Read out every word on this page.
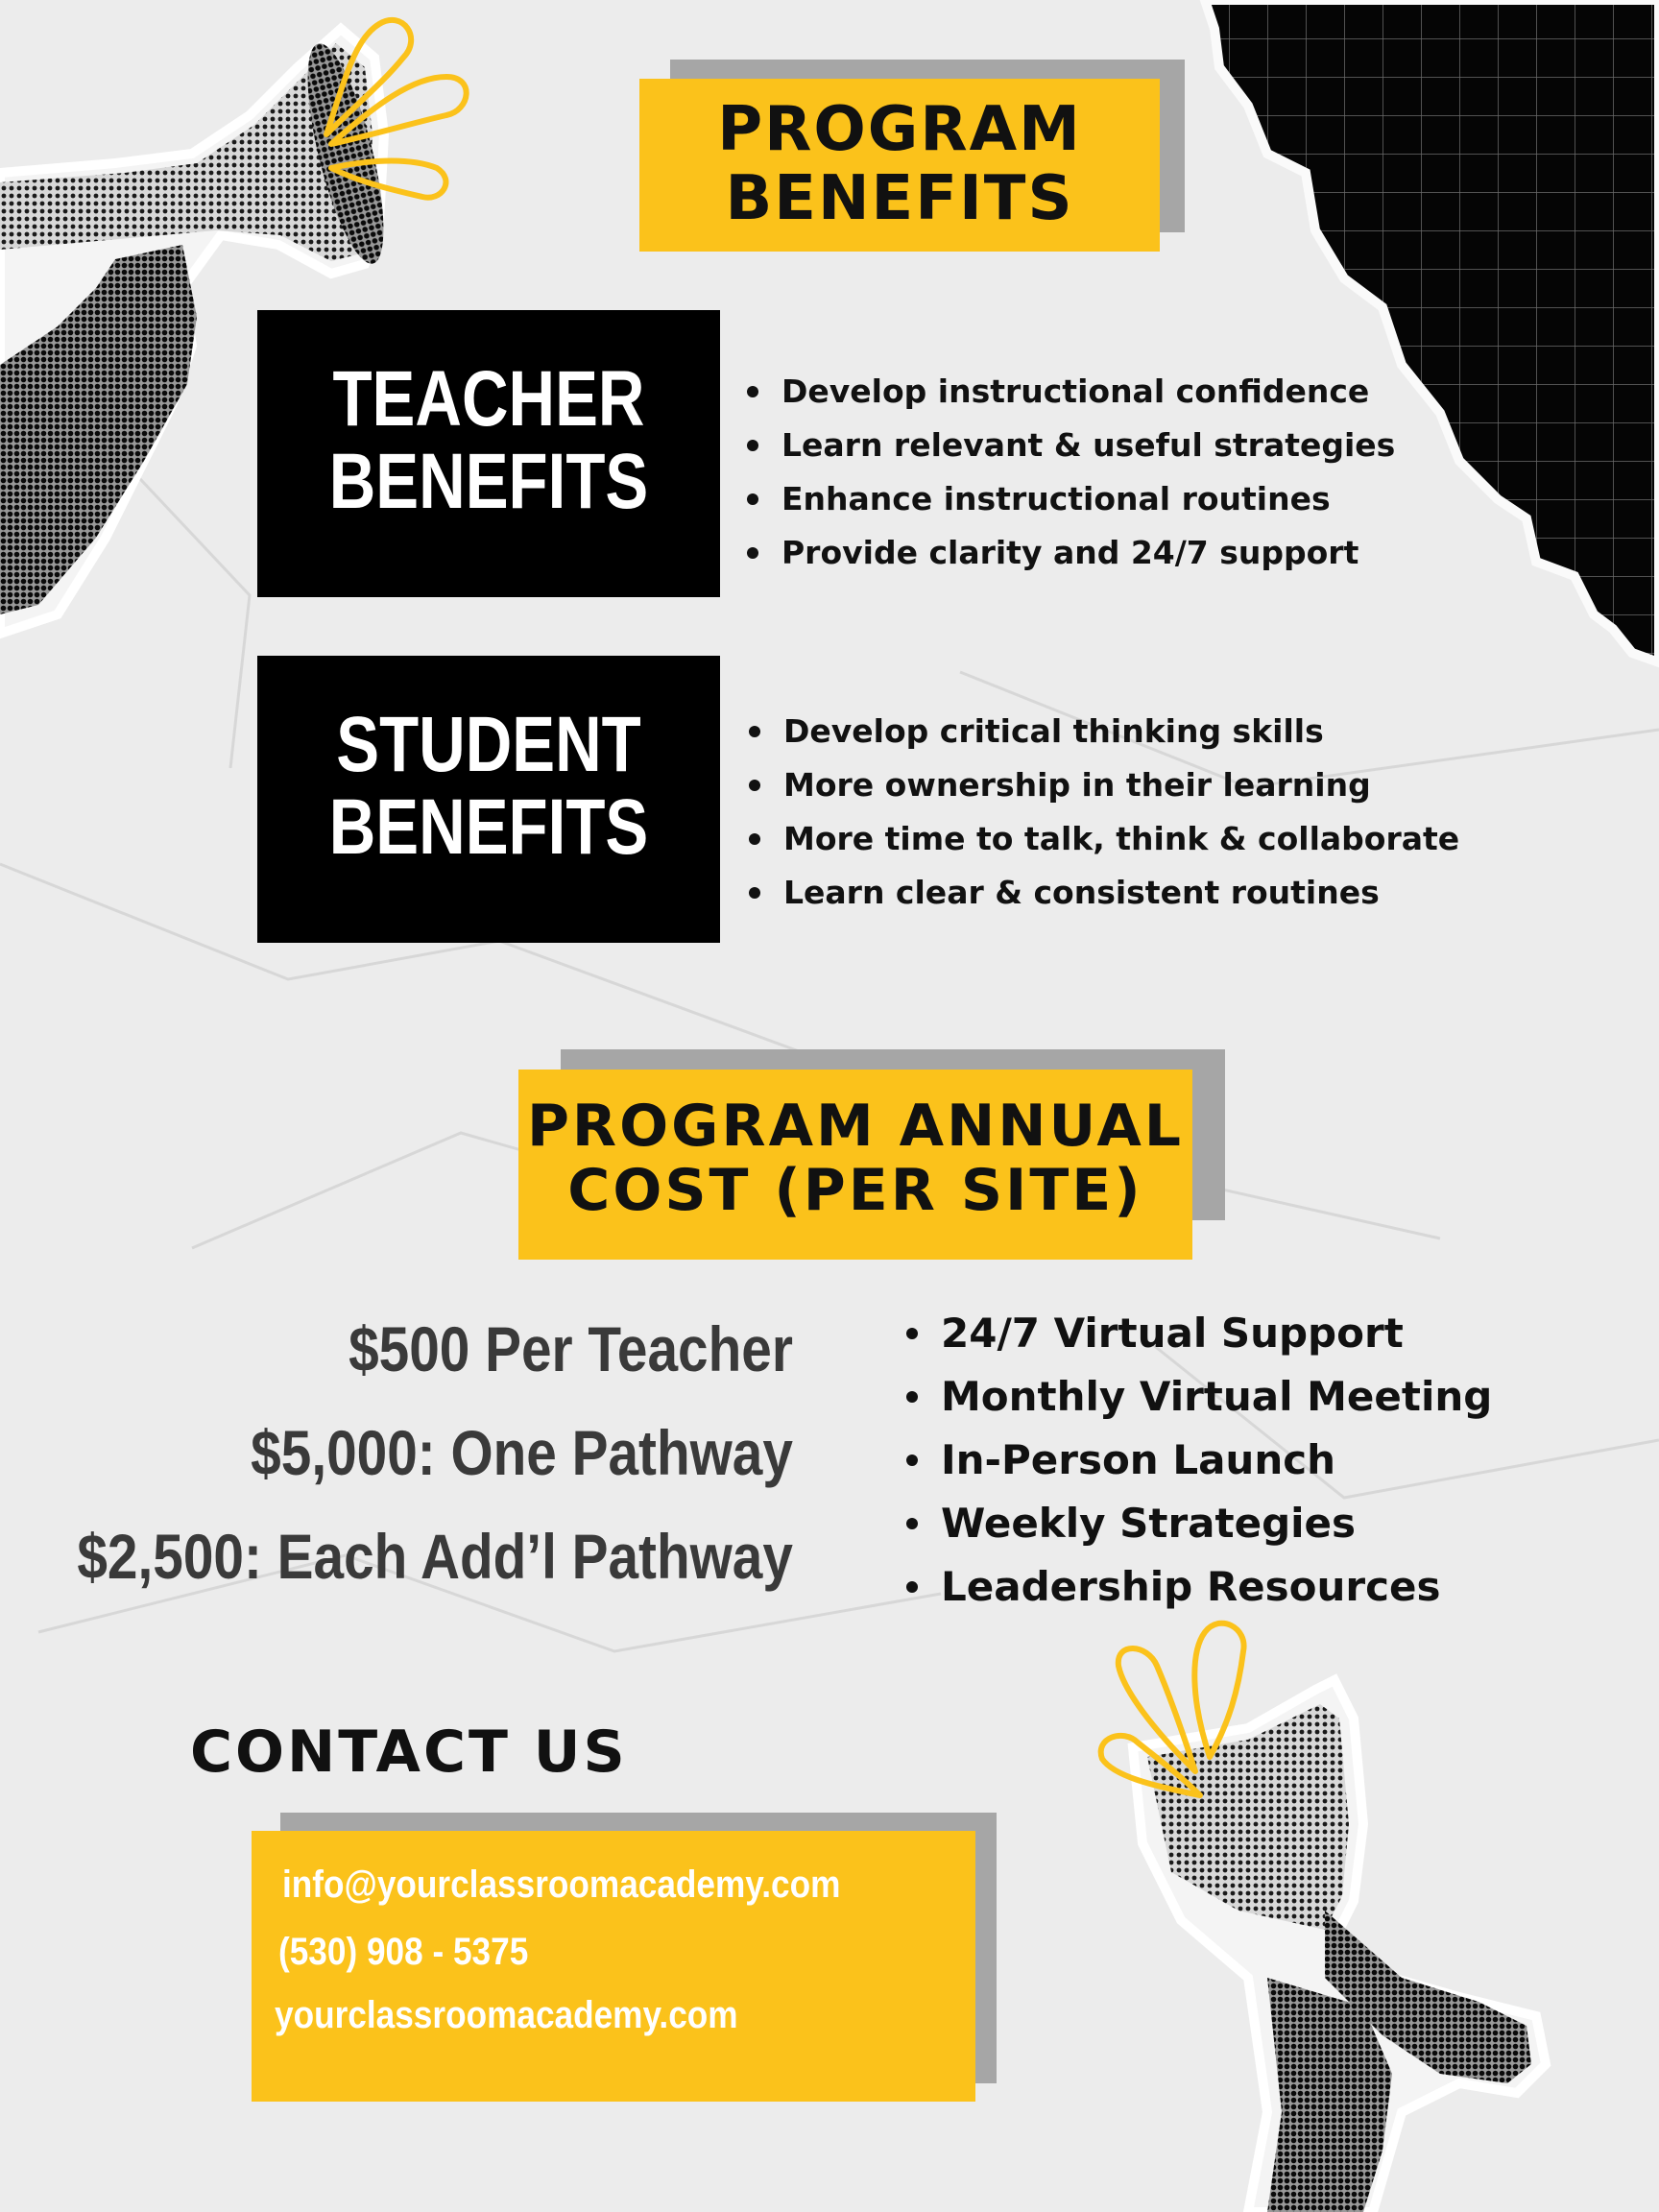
PROGRAM
BENEFITS
TEACHER
BENEFITS
Develop instructional confidence
Learn relevant & useful strategies
Enhance instructional routines
Provide clarity and 24/7 support
STUDENT
BENEFITS
Develop critical thinking skills
More ownership in their learning
More time to talk, think & collaborate
Learn clear & consistent routines
PROGRAM ANNUAL
COST (PER SITE)
$500 Per Teacher
$5,000: One Pathway
$2,500: Each Add’l Pathway
24/7 Virtual Support
Monthly Virtual Meeting
In-Person Launch
Weekly Strategies
Leadership Resources
CONTACT US
info@yourclassroomacademy.com
(530) 908 - 5375
yourclassroomacademy.com
